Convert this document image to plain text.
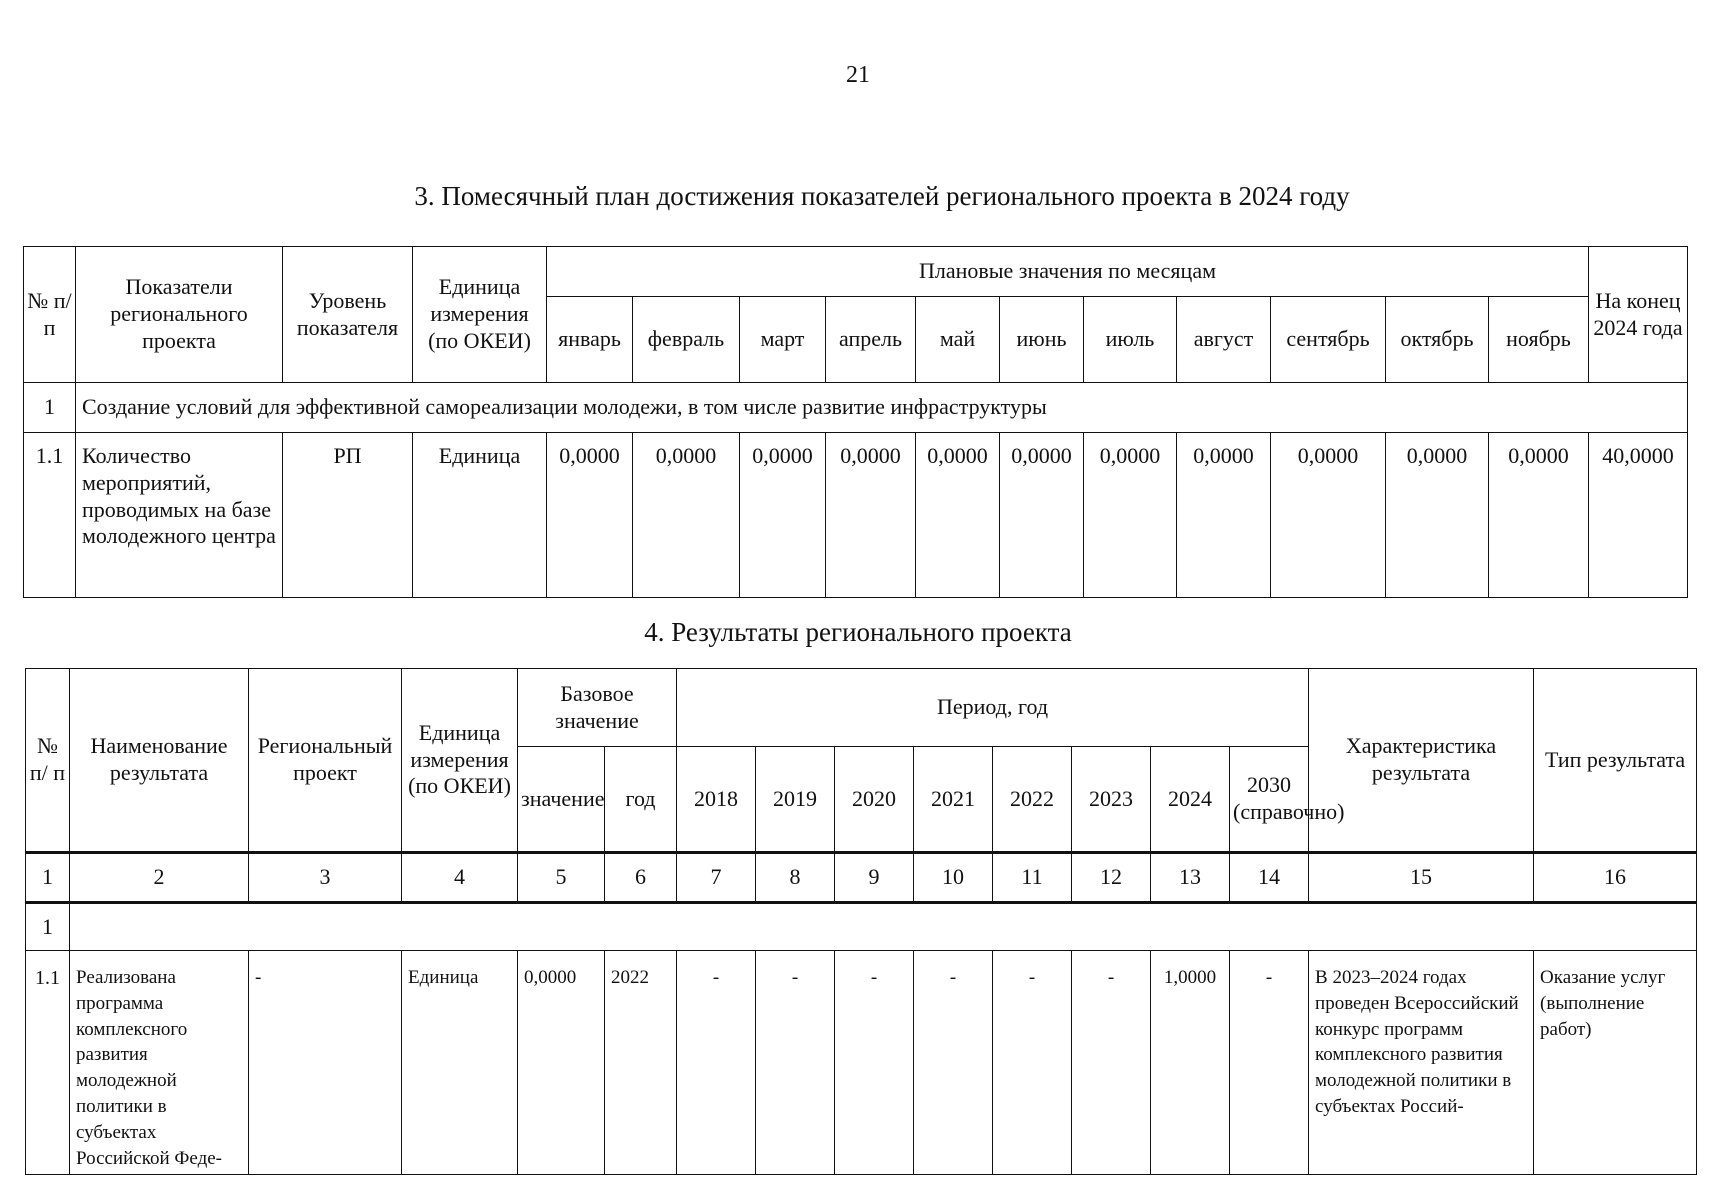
21
3. Помесячный план достижения показателей регионального проекта в 2024 году
№ п/п	Показатели регионального проекта	Уровень показателя	Единица измерения (по ОКЕИ)	Плановые значения по месяцам											На конец 2024 года
				январь	февраль	март	апрель	май	июнь	июль	август	сентябрь	октябрь	ноябрь	
1	Создание условий для эффективной самореализации молодежи, в том числе развитие инфраструктуры														
1.1	Количество мероприятий, проводимых на базе молодежного центра	РП	Единица	0,0000	0,0000	0,0000	0,0000	0,0000	0,0000	0,0000	0,0000	0,0000	0,0000	0,0000	40,0000
4. Результаты регионального проекта
№ п/ п	Наименование результата	Региональный проект	Единица измерения (по ОКЕИ)	Базовое значение		Период, год								Характеристика результата	Тип результата
				значение	год	2018	2019	2020	2021	2022	2023	2024	2030 (справочно)		
1	2	3	4	5	6	7	8	9	10	11	12	13	14	15	16
1															
1.1	Реализована программа комплексного развития молодежной политики в субъектах Российской Феде-	-	Единица	0,0000	2022	-	-	-	-	-	-	1,0000	-	В 2023–2024 годах проведен Всероссийский конкурс программ комплексного развития молодежной политики в субъектах Россий-	Оказание услуг (выполнение работ)
